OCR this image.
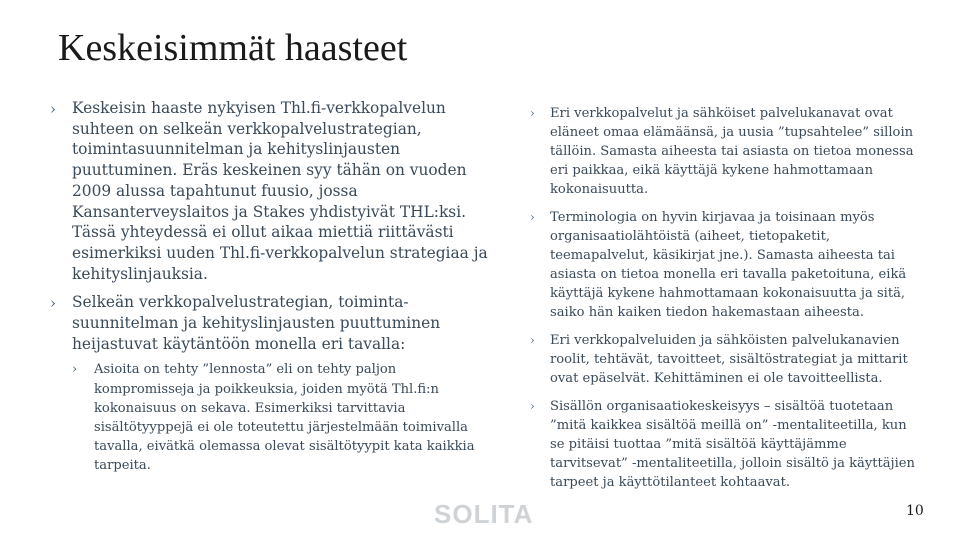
Keskeisimmät haasteet
› Keskeisin haaste nykyisen Thl.fi-verkkopalvelun suhteen on selkeän verkkopalvelustrategian, toimintasuunnitelman ja kehityslinjausten puuttuminen. Eräs keskeinen syy tähän on vuoden 2009 alussa tapahtunut fuusio, jossa Kansanterveyslaitos ja Stakes yhdistyivät THL:ksi. Tässä yhteydessä ei ollut aikaa miettiä riittävästi esimerkiksi uuden Thl.fi-verkkopalvelun strategiaa ja kehityslinjauksia.
› Selkeän verkkopalvelustrategian, toimintasuunnitelman ja kehityslinjausten puuttuminen heijastuvat käytäntöön monella eri tavalla:
› Asioita on tehty ”lennosta” eli on tehty paljon kompromisseja ja poikkeuksia, joiden myötä Thl.fi:n kokonaisuus on sekava. Esimerkiksi tarvittavia sisältötyyppejä ei ole toteutettu järjestelmään toimivalla tavalla, eivätkä olemassa olevat sisältötyypit kata kaikkia tarpeita.
› Eri verkkopalvelut ja sähköiset palvelukanavat ovat eläneet omaa elämäänsä, ja uusia ”tupsahtelee” silloin tällöin. Samasta aiheesta tai asiasta on tietoa monessa eri paikkaa, eikä käyttäjä kykene hahmottamaan kokonaisuutta.
› Terminologia on hyvin kirjavaa ja toisinaan myös organisaatiolähtöistä (aiheet, tietopaketit, teemapalvelut, käsikirjat jne.). Samasta aiheesta tai asiasta on tietoa monella eri tavalla paketoituna, eikä käyttäjä kykene hahmottamaan kokonaisuutta ja sitä, saiko hän kaiken tiedon hakemastaan aiheesta.
› Eri verkkopalveluiden ja sähköisten palvelukanavien roolit, tehtävät, tavoitteet, sisältöstrategiat ja mittarit ovat epäselvät. Kehittäminen ei ole tavoitteellista.
› Sisällön organisaatiokeskeisyys – sisältöä tuotetaan ”mitä kaikkea sisältöä meillä on” -mentaliteetilla, kun se pitäisi tuottaa ”mitä sisältöä käyttäjämme tarvitsevat” -mentaliteetilla, jolloin sisältö ja käyttäjien tarpeet ja käyttötilanteet kohtaavat.
SOLITA	10
